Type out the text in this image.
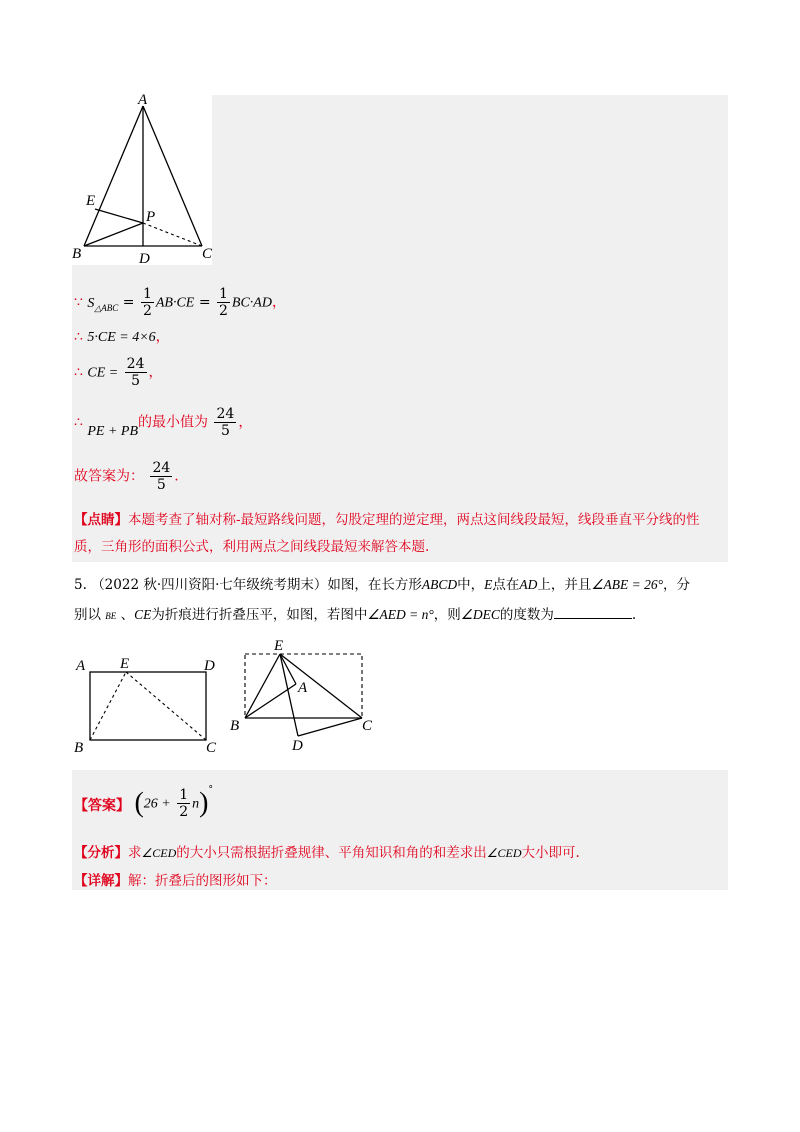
A
E
P
B	D	C
∵ $S_{\triangle ABC} = \frac{1}{2} AB\cdot CE = \frac{1}{2} BC\cdot AD$，
∴ 5·CE = 4×6，
∴ CE = $\frac{24}{5}$ ，
∴ PE + PB的最小值为 $\frac{24}{5}$ ，
故答案为： $\frac{24}{5}$ .
【点睛】本题考查了轴对称-最短路线问题，勾股定理的逆定理，两点这间线段最短，线段垂直平分线的性
质，三角形的面积公式，利用两点之间线段最短来解答本题.
5. （2022 秋·四川资阳·七年级统考期末）如图，在长方形ABCD中，E点在AD上，并且∠ABE = 26°，分
别以 BE 、CE为折痕进行折叠压平，如图，若图中∠AED = n°，则∠DEC的度数为	.
A E	D
B	C
E
A
B	C
D
【答案】 $(26 + \frac{1}{2} n)^\circ$
【分析】求∠CED的大小只需根据折叠规律、平角知识和角的和差求出∠CED大小即可.
【详解】解：折叠后的图形如下：
